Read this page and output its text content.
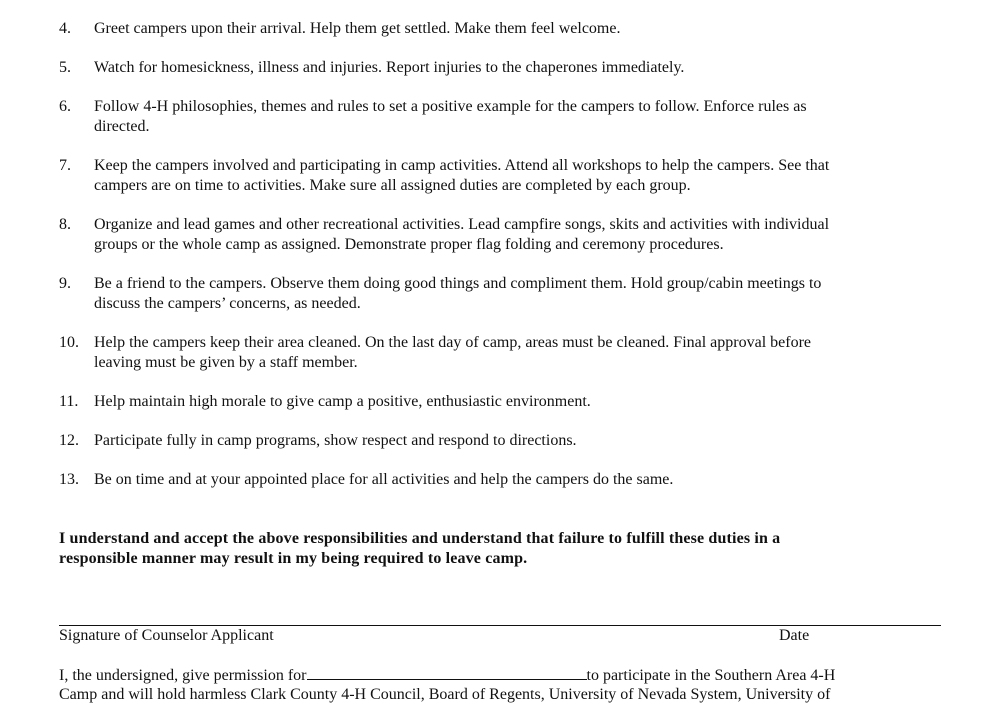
4. Greet campers upon their arrival. Help them get settled. Make them feel welcome.
5. Watch for homesickness, illness and injuries. Report injuries to the chaperones immediately.
6. Follow 4-H philosophies, themes and rules to set a positive example for the campers to follow. Enforce rules as
directed.
7. Keep the campers involved and participating in camp activities. Attend all workshops to help the campers. See that
campers are on time to activities. Make sure all assigned duties are completed by each group.
8. Organize and lead games and other recreational activities. Lead campfire songs, skits and activities with individual
groups or the whole camp as assigned. Demonstrate proper flag folding and ceremony procedures.
9. Be a friend to the campers. Observe them doing good things and compliment them. Hold group/cabin meetings to
discuss the campers’ concerns, as needed.
10. Help the campers keep their area cleaned. On the last day of camp, areas must be cleaned. Final approval before
leaving must be given by a staff member.
11. Help maintain high morale to give camp a positive, enthusiastic environment.
12. Participate fully in camp programs, show respect and respond to directions.
13. Be on time and at your appointed place for all activities and help the campers do the same.
I understand and accept the above responsibilities and understand that failure to fulfill these duties in a
responsible manner may result in my being required to leave camp.
Signature of Counselor Applicant	Date
I, the undersigned, give permission for	to participate in the Southern Area 4-H
Camp and will hold harmless Clark County 4-H Council, Board of Regents, University of Nevada System, University of
